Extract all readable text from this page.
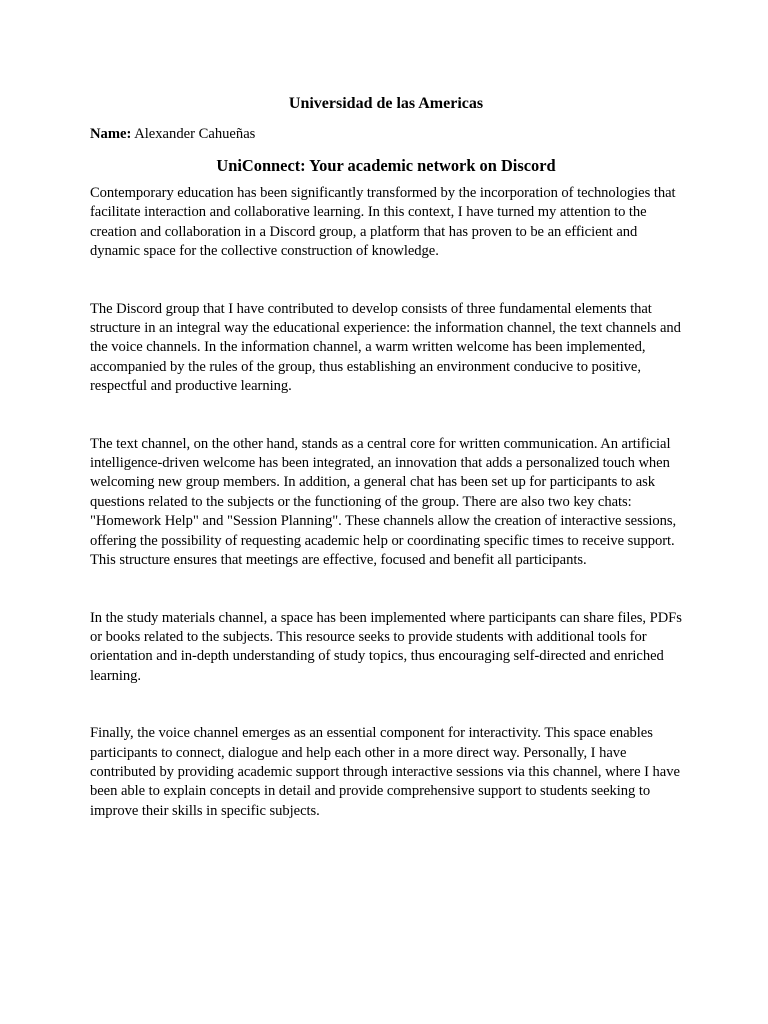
Universidad de las Americas
Name: Alexander Cahueñas
UniConnect: Your academic network on Discord

Contemporary education has been significantly transformed by the incorporation of technologies that facilitate interaction and collaborative learning. In this context, I have turned my attention to the creation and collaboration in a Discord group, a platform that has proven to be an efficient and dynamic space for the collective construction of knowledge.

The Discord group that I have contributed to develop consists of three fundamental elements that structure in an integral way the educational experience: the information channel, the text channels and the voice channels. In the information channel, a warm written welcome has been implemented, accompanied by the rules of the group, thus establishing an environment conducive to positive, respectful and productive learning.

The text channel, on the other hand, stands as a central core for written communication. An artificial intelligence-driven welcome has been integrated, an innovation that adds a personalized touch when welcoming new group members. In addition, a general chat has been set up for participants to ask questions related to the subjects or the functioning of the group. There are also two key chats: "Homework Help" and "Session Planning". These channels allow the creation of interactive sessions, offering the possibility of requesting academic help or coordinating specific times to receive support. This structure ensures that meetings are effective, focused and benefit all participants.

In the study materials channel, a space has been implemented where participants can share files, PDFs or books related to the subjects. This resource seeks to provide students with additional tools for orientation and in-depth understanding of study topics, thus encouraging self-directed and enriched learning.

Finally, the voice channel emerges as an essential component for interactivity. This space enables participants to connect, dialogue and help each other in a more direct way. Personally, I have contributed by providing academic support through interactive sessions via this channel, where I have been able to explain concepts in detail and provide comprehensive support to students seeking to improve their skills in specific subjects.
